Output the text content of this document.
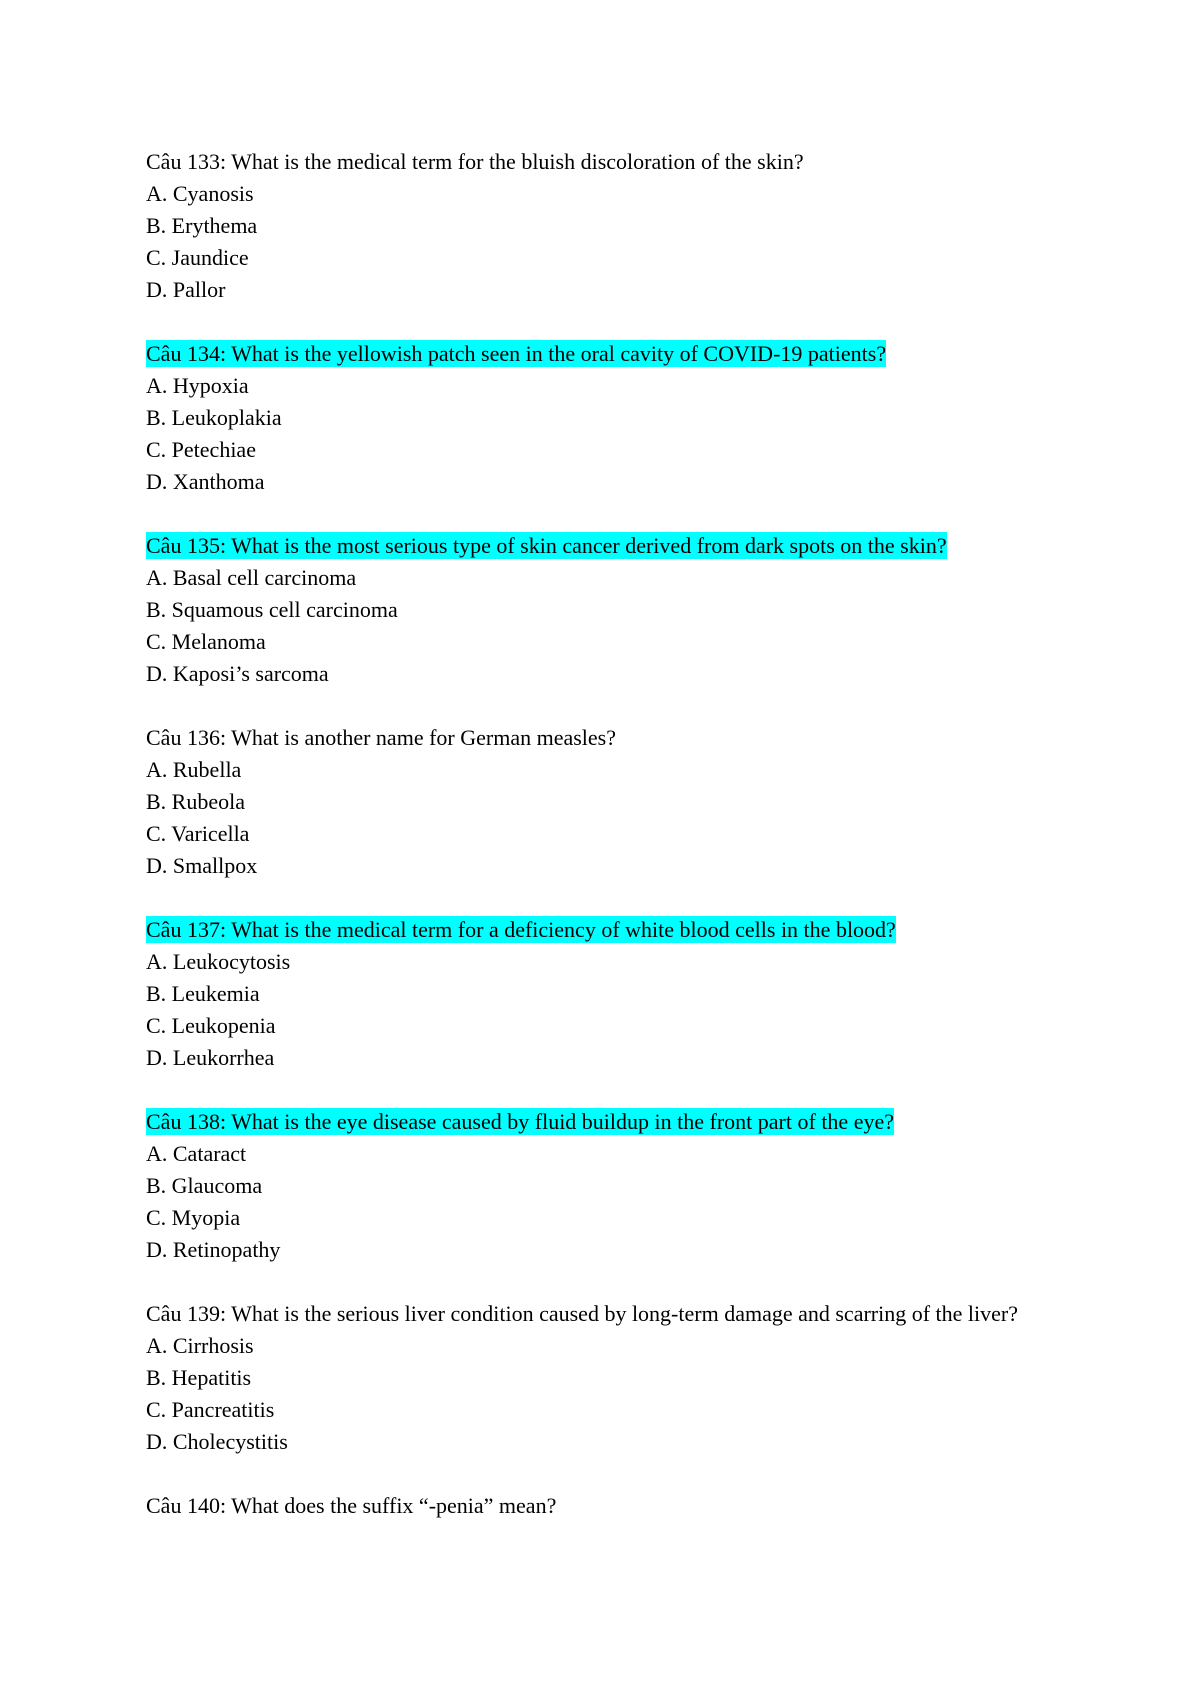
Câu 133: What is the medical term for the bluish discoloration of the skin?
A. Cyanosis
B. Erythema
C. Jaundice
D. Pallor
Câu 134: What is the yellowish patch seen in the oral cavity of COVID-19 patients?
A. Hypoxia
B. Leukoplakia
C. Petechiae
D. Xanthoma
Câu 135: What is the most serious type of skin cancer derived from dark spots on the skin?
A. Basal cell carcinoma
B. Squamous cell carcinoma
C. Melanoma
D. Kaposi’s sarcoma
Câu 136: What is another name for German measles?
A. Rubella
B. Rubeola
C. Varicella
D. Smallpox
Câu 137: What is the medical term for a deficiency of white blood cells in the blood?
A. Leukocytosis
B. Leukemia
C. Leukopenia
D. Leukorrhea
Câu 138: What is the eye disease caused by fluid buildup in the front part of the eye?
A. Cataract
B. Glaucoma
C. Myopia
D. Retinopathy
Câu 139: What is the serious liver condition caused by long-term damage and scarring of the liver?
A. Cirrhosis
B. Hepatitis
C. Pancreatitis
D. Cholecystitis
Câu 140: What does the suffix “-penia” mean?
